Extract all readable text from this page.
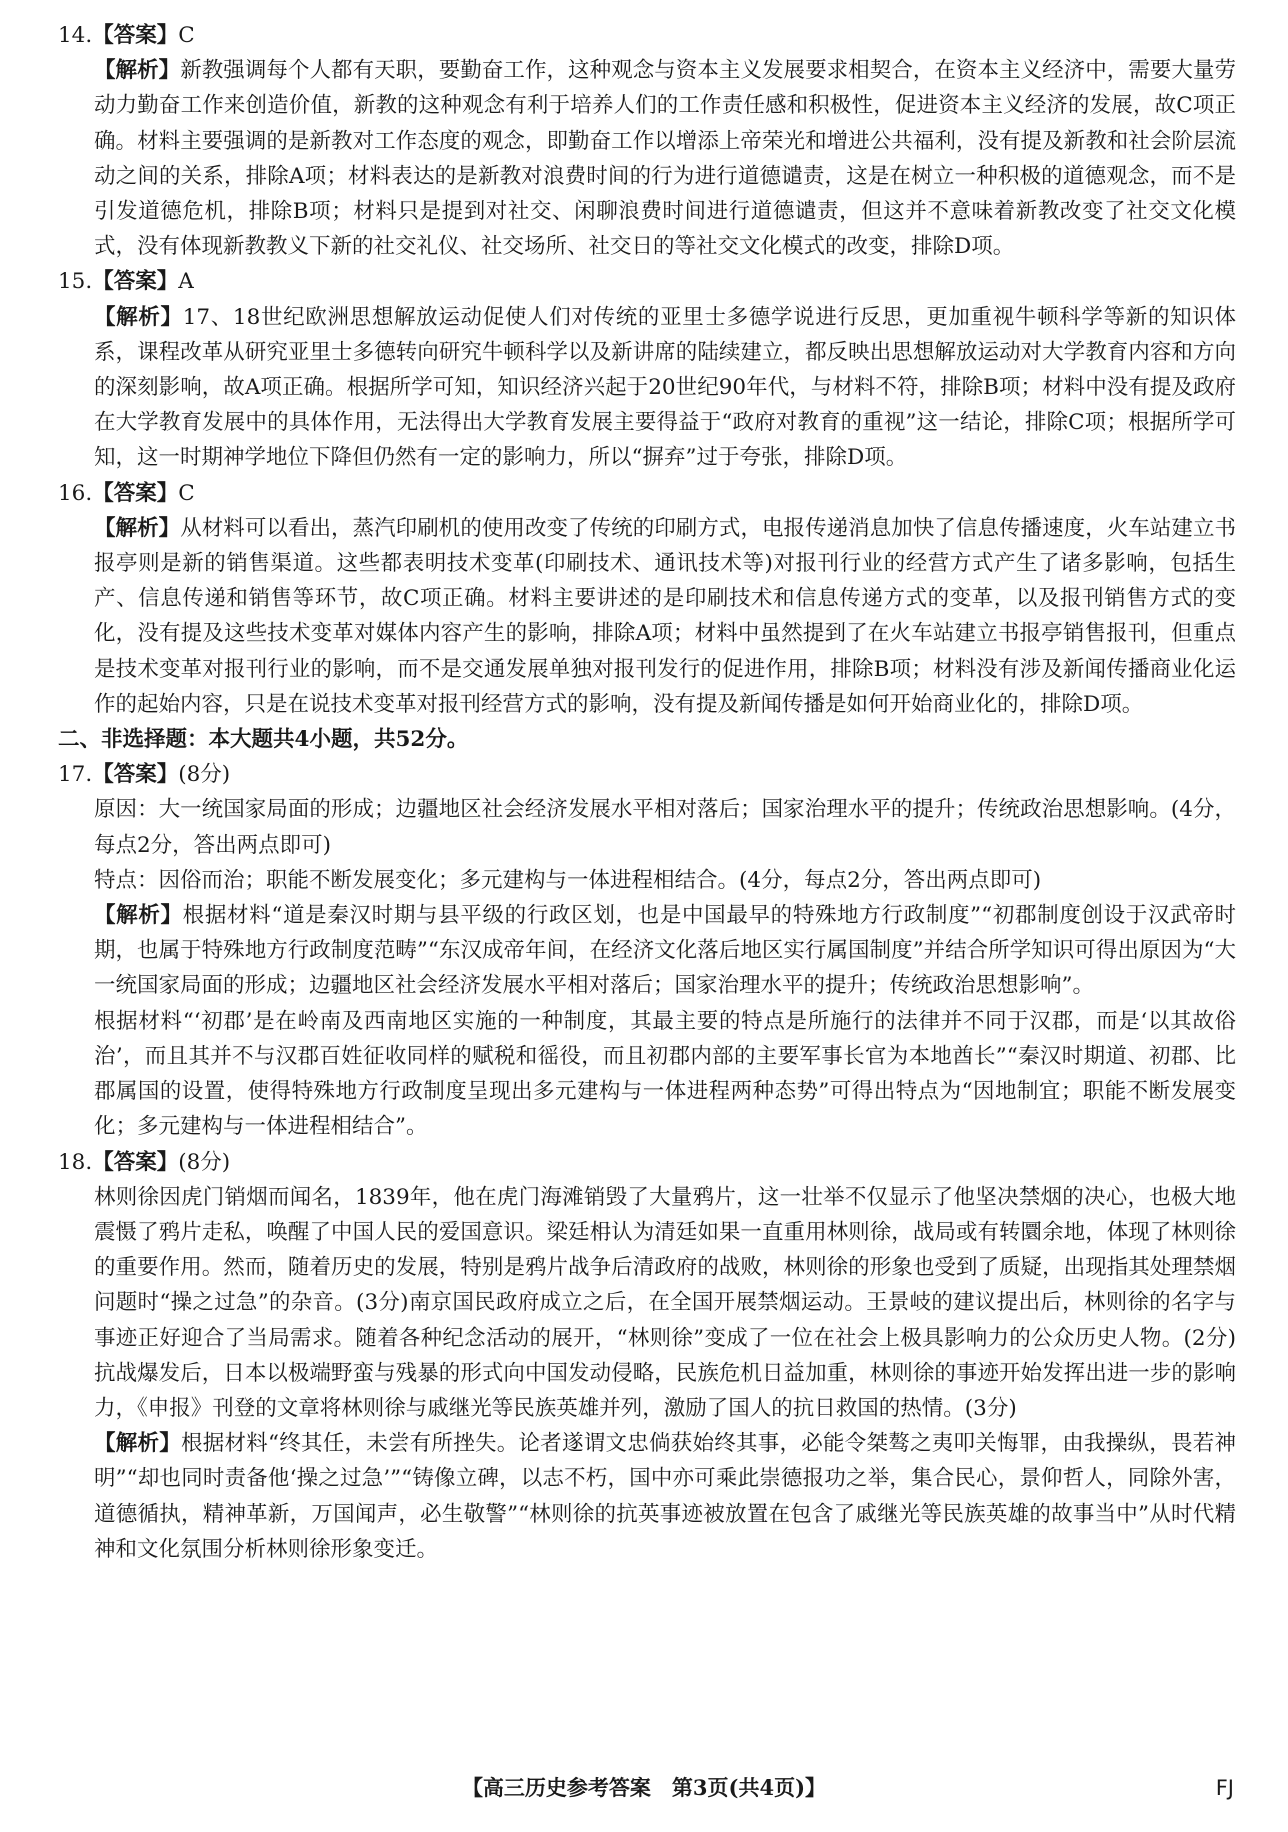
14.【答案】C

【解析】新教强调每个人都有天职，要勤奋工作，这种观念与资本主义发展要求相契合，在资本主义经济中，需要大量劳动力勤奋工作来创造价值，新教的这种观念有利于培养人们的工作责任感和积极性，促进资本主义经济的发展，故C项正确。材料主要强调的是新教对工作态度的观念，即勤奋工作以增添上帝荣光和增进公共福利，没有提及新教和社会阶层流动之间的关系，排除A项；材料表达的是新教对浪费时间的行为进行道德谴责，这是在树立一种积极的道德观念，而不是引发道德危机，排除B项；材料只是提到对社交、闲聊浪费时间进行道德谴责，但这并不意味着新教改变了社交文化模式，没有体现新教教义下新的社交礼仪、社交场所、社交日的等社交文化模式的改变，排除D项。

15.【答案】A

【解析】17、18世纪欧洲思想解放运动促使人们对传统的亚里士多德学说进行反思，更加重视牛顿科学等新的知识体系，课程改革从研究亚里士多德转向研究牛顿科学以及新讲席的陆续建立，都反映出思想解放运动对大学教育内容和方向的深刻影响，故A项正确。根据所学可知，知识经济兴起于20世纪90年代，与材料不符，排除B项；材料中没有提及政府在大学教育发展中的具体作用，无法得出大学教育发展主要得益于“政府对教育的重视”这一结论，排除C项；根据所学可知，这一时期神学地位下降但仍然有一定的影响力，所以“摒弃”过于夸张，排除D项。

16.【答案】C

【解析】从材料可以看出，蒸汽印刷机的使用改变了传统的印刷方式，电报传递消息加快了信息传播速度，火车站建立书报亭则是新的销售渠道。这些都表明技术变革(印刷技术、通讯技术等)对报刊行业的经营方式产生了诸多影响，包括生产、信息传递和销售等环节，故C项正确。材料主要讲述的是印刷技术和信息传递方式的变革，以及报刊销售方式的变化，没有提及这些技术变革对媒体内容产生的影响，排除A项；材料中虽然提到了在火车站建立书报亭销售报刊，但重点是技术变革对报刊行业的影响，而不是交通发展单独对报刊发行的促进作用，排除B项；材料没有涉及新闻传播商业化运作的起始内容，只是在说技术变革对报刊经营方式的影响，没有提及新闻传播是如何开始商业化的，排除D项。

二、非选择题：本大题共4小题，共52分。

17.【答案】(8分)

原因：大一统国家局面的形成；边疆地区社会经济发展水平相对落后；国家治理水平的提升；传统政治思想影响。(4分，每点2分，答出两点即可)

特点：因俗而治；职能不断发展变化；多元建构与一体进程相结合。(4分，每点2分，答出两点即可)

【解析】根据材料“道是秦汉时期与县平级的行政区划，也是中国最早的特殊地方行政制度”“初郡制度创设于汉武帝时期，也属于特殊地方行政制度范畴”“东汉成帝年间，在经济文化落后地区实行属国制度”并结合所学知识可得出原因为“大一统国家局面的形成；边疆地区社会经济发展水平相对落后；国家治理水平的提升；传统政治思想影响”。

根据材料“‘初郡’是在岭南及西南地区实施的一种制度，其最主要的特点是所施行的法律并不同于汉郡，而是‘以其故俗治’，而且其并不与汉郡百姓征收同样的赋税和徭役，而且初郡内部的主要军事长官为本地酋长”“秦汉时期道、初郡、比郡属国的设置，使得特殊地方行政制度呈现出多元建构与一体进程两种态势”可得出特点为“因地制宜；职能不断发展变化；多元建构与一体进程相结合”。

18.【答案】(8分)

林则徐因虎门销烟而闻名，1839年，他在虎门海滩销毁了大量鸦片，这一壮举不仅显示了他坚决禁烟的决心，也极大地震慑了鸦片走私，唤醒了中国人民的爱国意识。梁廷枏认为清廷如果一直重用林则徐，战局或有转圜余地，体现了林则徐的重要作用。然而，随着历史的发展，特别是鸦片战争后清政府的战败，林则徐的形象也受到了质疑，出现指其处理禁烟问题时“操之过急”的杂音。(3分)南京国民政府成立之后，在全国开展禁烟运动。王景岐的建议提出后，林则徐的名字与事迹正好迎合了当局需求。随着各种纪念活动的展开，“林则徐”变成了一位在社会上极具影响力的公众历史人物。(2分)抗战爆发后，日本以极端野蛮与残暴的形式向中国发动侵略，民族危机日益加重，林则徐的事迹开始发挥出进一步的影响力，《申报》刊登的文章将林则徐与戚继光等民族英雄并列，激励了国人的抗日救国的热情。(3分)

【解析】根据材料“终其任，未尝有所挫失。论者遂谓文忠倘获始终其事，必能令桀骜之夷叩关悔罪，由我操纵，畏若神明”“却也同时责备他‘操之过急’”“铸像立碑，以志不朽，国中亦可乘此崇德报功之举，集合民心，景仰哲人，同除外害，道德循执，精神革新，万国闻声，必生敬警”“林则徐的抗英事迹被放置在包含了戚继光等民族英雄的故事当中”从时代精神和文化氛围分析林则徐形象变迁。

【高三历史参考答案　第3页(共4页)】	FJ
